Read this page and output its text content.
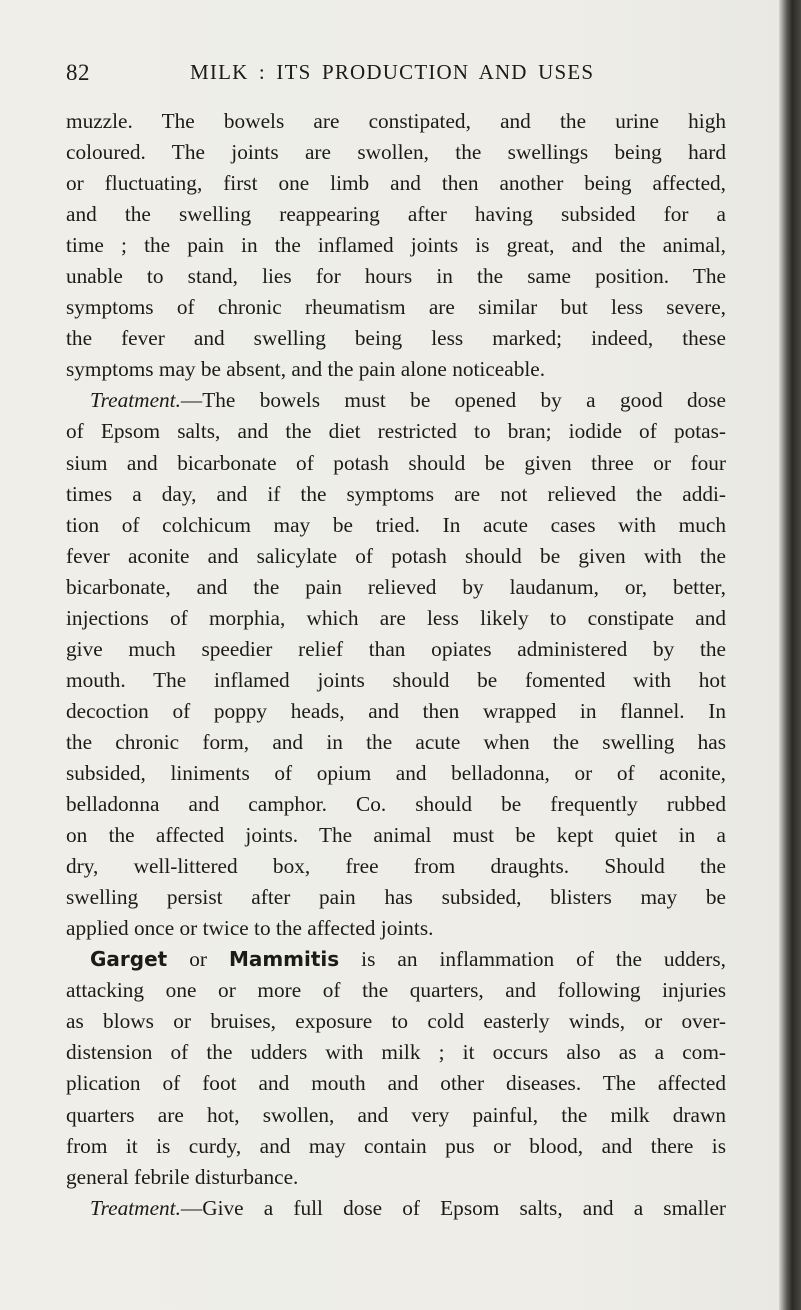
82	MILK : ITS PRODUCTION AND USES
muzzle. The bowels are constipated, and the urine high
coloured. The joints are swollen, the swellings being hard
or fluctuating, first one limb and then another being affected,
and the swelling reappearing after having subsided for a
time ; the pain in the inflamed joints is great, and the animal,
unable to stand, lies for hours in the same position. The
symptoms of chronic rheumatism are similar but less severe,
the fever and swelling being less marked; indeed, these
symptoms may be absent, and the pain alone noticeable.
Treatment.—The bowels must be opened by a good dose
of Epsom salts, and the diet restricted to bran; iodide of potas-
sium and bicarbonate of potash should be given three or four
times a day, and if the symptoms are not relieved the addi-
tion of colchicum may be tried. In acute cases with much
fever aconite and salicylate of potash should be given with the
bicarbonate, and the pain relieved by laudanum, or, better,
injections of morphia, which are less likely to constipate and
give much speedier relief than opiates administered by the
mouth. The inflamed joints should be fomented with hot
decoction of poppy heads, and then wrapped in flannel. In
the chronic form, and in the acute when the swelling has
subsided, liniments of opium and belladonna, or of aconite,
belladonna and camphor. Co. should be frequently rubbed
on the affected joints. The animal must be kept quiet in a
dry, well-littered box, free from draughts. Should the
swelling persist after pain has subsided, blisters may be
applied once or twice to the affected joints.
Garget or Mammitis is an inflammation of the udders,
attacking one or more of the quarters, and following injuries
as blows or bruises, exposure to cold easterly winds, or over-
distension of the udders with milk ; it occurs also as a com-
plication of foot and mouth and other diseases. The affected
quarters are hot, swollen, and very painful, the milk drawn
from it is curdy, and may contain pus or blood, and there is
general febrile disturbance.
Treatment.—Give a full dose of Epsom salts, and a smaller
